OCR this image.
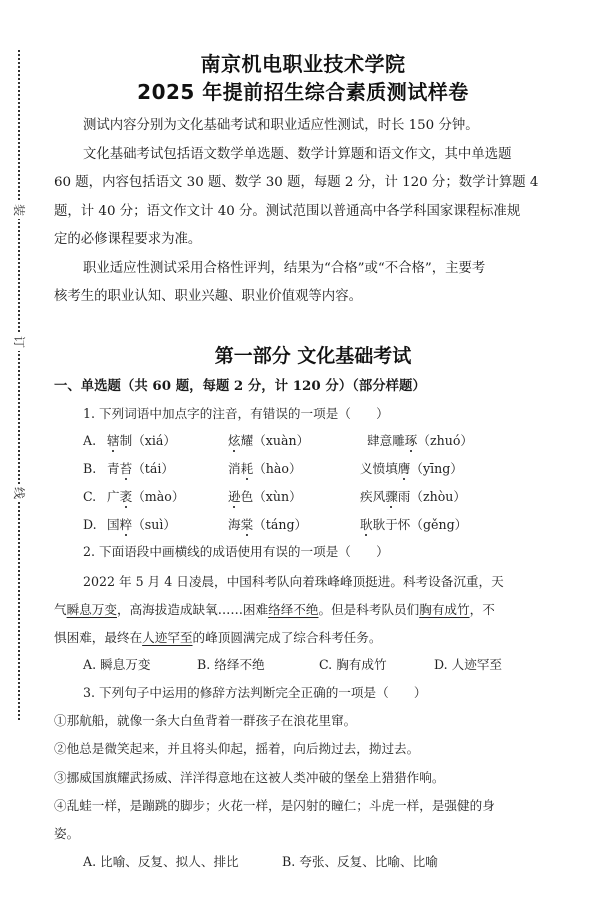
装
订
线
南京机电职业技术学院
2025 年提前招生综合素质测试样卷
测试内容分别为文化基础考试和职业适应性测试，时长 150 分钟。
文化基础考试包括语文数学单选题、数学计算题和语文作文，其中单选题
60 题，内容包括语文 30 题、数学 30 题，每题 2 分，计 120 分；数学计算题 4
题，计 40 分；语文作文计 40 分。测试范围以普通高中各学科国家课程标准规
定的必修课程要求为准。
职业适应性测试采用合格性评判，结果为“合格”或“不合格”，主要考
核考生的职业认知、职业兴趣、职业价值观等内容。
第一部分 文化基础考试
一、单选题（共 60 题，每题 2 分，计 120 分）（部分样题）
1. 下列词语中加点字的注音，有错误的一项是（　　）
A. 辖制（xiá）	炫耀（xuàn）	肆意雕琢（zhuó）
B. 青苔（tái）	消耗（hào）	义愤填膺（yīng）
C. 广袤（mào）	逊色（xùn）	疾风骤雨（zhòu）
D. 国粹（suì）	海棠（táng）	耿耿于怀（gěng）
2. 下面语段中画横线的成语使用有误的一项是（　　）
2022 年 5 月 4 日凌晨，中国科考队向着珠峰峰顶挺进。科考设备沉重，天
气瞬息万变，高海拔造成缺氧……困难络绎不绝。但是科考队员们胸有成竹，不
惧困难，最终在人迹罕至的峰顶圆满完成了综合科考任务。
A. 瞬息万变	B. 络绎不绝	C. 胸有成竹	D. 人迹罕至
3. 下列句子中运用的修辞方法判断完全正确的一项是（　　）
①那航船，就像一条大白鱼背着一群孩子在浪花里窜。
②他总是微笑起来，并且将头仰起，摇着，向后拗过去，拗过去。
③挪威国旗耀武扬威、洋洋得意地在这被人类冲破的堡垒上猎猎作响。
④乱蛙一样，是蹦跳的脚步；火花一样，是闪射的瞳仁；斗虎一样，是强健的身
姿。
A. 比喻、反复、拟人、排比	B. 夸张、反复、比喻、比喻
